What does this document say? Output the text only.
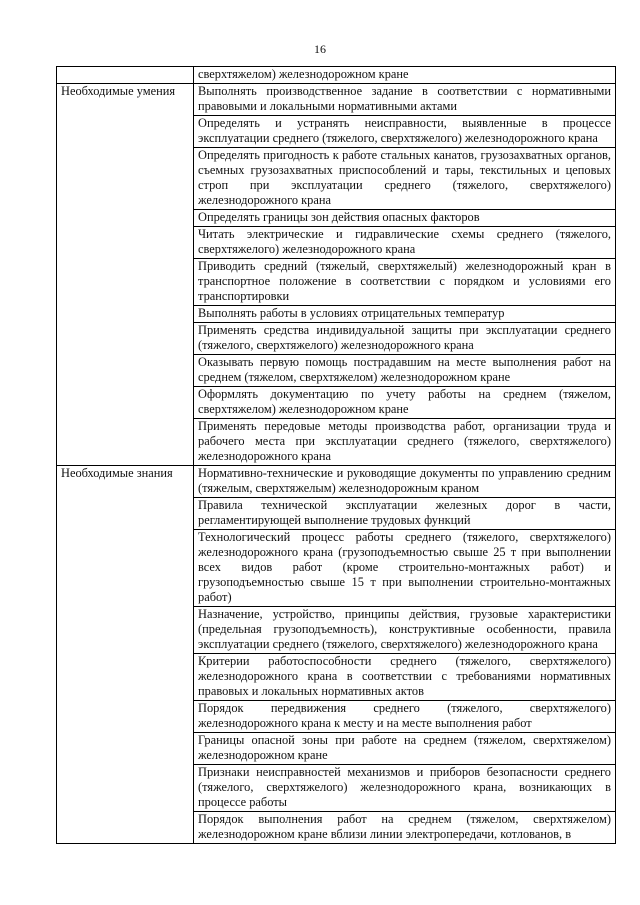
16
	сверхтяжелом) железнодорожном кране
Необходимые умения	Выполнять производственное задание в соответствии с нормативными правовыми и локальными нормативными актами
	Определять и устранять неисправности, выявленные в процессе эксплуатации среднего (тяжелого, сверхтяжелого) железнодорожного крана
	Определять пригодность к работе стальных канатов, грузозахватных органов, съемных грузозахватных приспособлений и тары, текстильных и цеповых строп при эксплуатации среднего (тяжелого, сверхтяжелого) железнодорожного крана
	Определять границы зон действия опасных факторов
	Читать электрические и гидравлические схемы среднего (тяжелого, сверхтяжелого) железнодорожного крана
	Приводить средний (тяжелый, сверхтяжелый) железнодорожный кран в транспортное положение в соответствии с порядком и условиями его транспортировки
	Выполнять работы в условиях отрицательных температур
	Применять средства индивидуальной защиты при эксплуатации среднего (тяжелого, сверхтяжелого) железнодорожного крана
	Оказывать первую помощь пострадавшим на месте выполнения работ на среднем (тяжелом, сверхтяжелом) железнодорожном кране
	Оформлять документацию по учету работы на среднем (тяжелом, сверхтяжелом) железнодорожном кране
	Применять передовые методы производства работ, организации труда и рабочего места при эксплуатации среднего (тяжелого, сверхтяжелого) железнодорожного крана
Необходимые знания	Нормативно-технические и руководящие документы по управлению средним (тяжелым, сверхтяжелым) железнодорожным краном
	Правила технической эксплуатации железных дорог в части, регламентирующей выполнение трудовых функций
	Технологический процесс работы среднего (тяжелого, сверхтяжелого) железнодорожного крана (грузоподъемностью свыше 25 т при выполнении всех видов работ (кроме строительно-монтажных работ) и грузоподъемностью свыше 15 т при выполнении строительно-монтажных работ)
	Назначение, устройство, принципы действия, грузовые характеристики (предельная грузоподъемность), конструктивные особенности, правила эксплуатации среднего (тяжелого, сверхтяжелого) железнодорожного крана
	Критерии работоспособности среднего (тяжелого, сверхтяжелого) железнодорожного крана в соответствии с требованиями нормативных правовых и локальных нормативных актов
	Порядок передвижения среднего (тяжелого, сверхтяжелого) железнодорожного крана к месту и на месте выполнения работ
	Границы опасной зоны при работе на среднем (тяжелом, сверхтяжелом) железнодорожном кране
	Признаки неисправностей механизмов и приборов безопасности среднего (тяжелого, сверхтяжелого) железнодорожного крана, возникающих в процессе работы
	Порядок выполнения работ на среднем (тяжелом, сверхтяжелом) железнодорожном кране вблизи линии электропередачи, котлованов, в
